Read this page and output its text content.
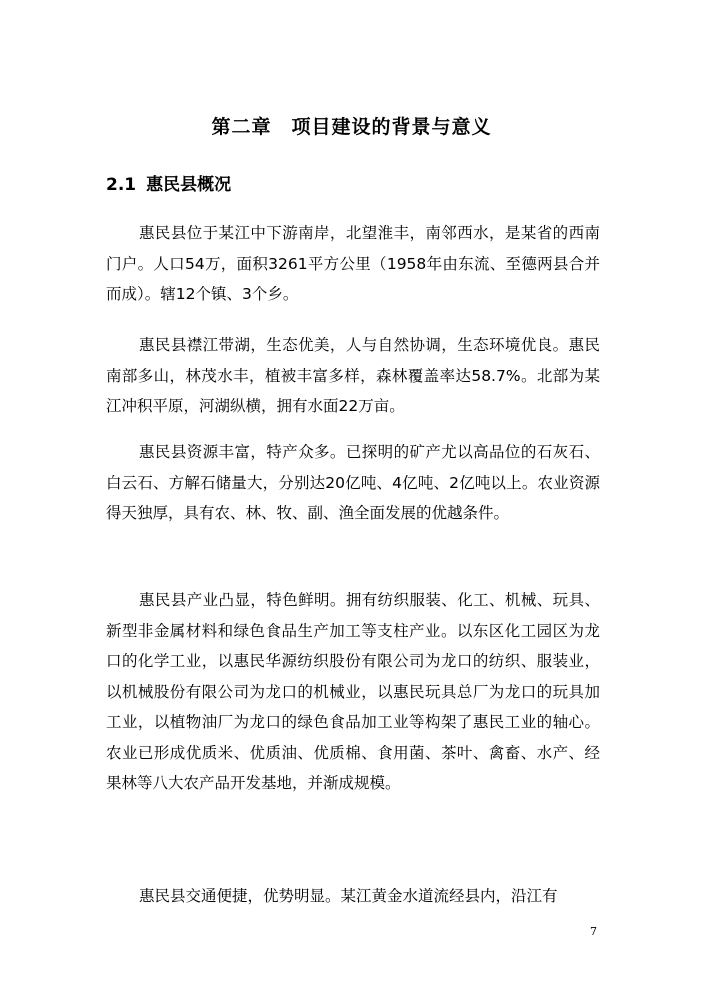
第二章　项目建设的背景与意义
2.1 惠民县概况

惠民县位于某江中下游南岸，北望淮丰，南邻西水，是某省的西南门户。人口54万，面积3261平方公里（1958年由东流、至德两县合并而成）。辖12个镇、3个乡。

惠民县襟江带湖，生态优美，人与自然协调，生态环境优良。惠民南部多山，林茂水丰，植被丰富多样，森林覆盖率达58.7%。北部为某江冲积平原，河湖纵横，拥有水面22万亩。

惠民县资源丰富，特产众多。已探明的矿产尤以高品位的石灰石、白云石、方解石储量大，分别达20亿吨、4亿吨、2亿吨以上。农业资源得天独厚，具有农、林、牧、副、渔全面发展的优越条件。

惠民县产业凸显，特色鲜明。拥有纺织服装、化工、机械、玩具、新型非金属材料和绿色食品生产加工等支柱产业。以东区化工园区为龙口的化学工业，以惠民华源纺织股份有限公司为龙口的纺织、服装业，以机械股份有限公司为龙口的机械业，以惠民玩具总厂为龙口的玩具加工业，以植物油厂为龙口的绿色食品加工业等构架了惠民工业的轴心。农业已形成优质米、优质油、优质棉、食用菌、茶叶、禽畜、水产、经果林等八大农产品开发基地，并渐成规模。

惠民县交通便捷，优势明显。某江黄金水道流经县内，沿江有

7
